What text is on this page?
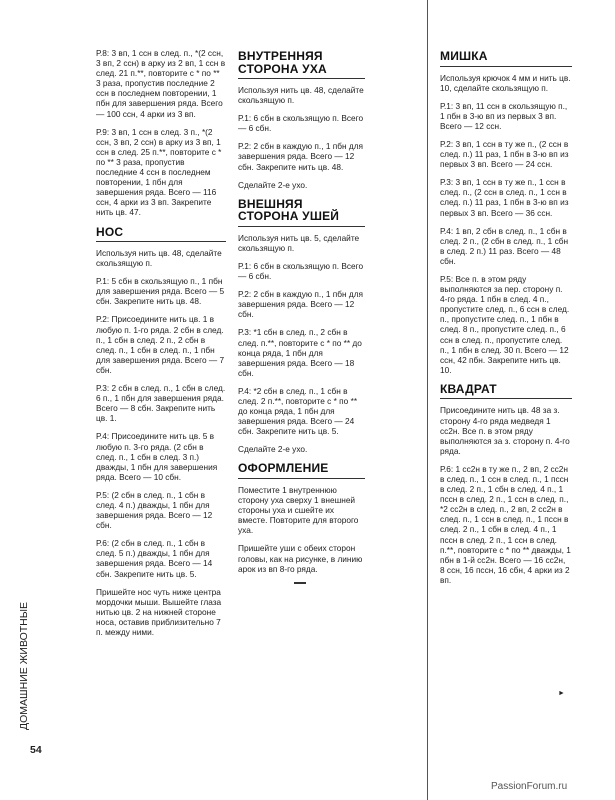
Р.8: 3 вп, 1 ссн в след. п., *(2 ссн, 3 вп, 2 ссн) в арку из 2 вп, 1 ссн в след. 21 п.**, повторите с * по ** 3 раза, пропустив последние 2 ссн в последнем повторении, 1 пбн для завершения ряда. Всего — 100 ссн, 4 арки из 3 вп.

Р.9: 3 вп, 1 ссн в след. 3 п., *(2 ссн, 3 вп, 2 ссн) в арку из 3 вп, 1 ссн в след. 25 п.**, повторите с * по ** 3 раза, пропустив последние 4 ссн в последнем повторении, 1 пбн для завершения ряда. Всего — 116 ссн, 4 арки из 3 вп. Закрепите нить цв. 47.

НОС

Используя нить цв. 48, сделайте скользящую п.

Р.1: 5 сбн в скользящую п., 1 пбн для завершения ряда. Всего — 5 сбн. Закрепите нить цв. 48.

Р.2: Присоедините нить цв. 1 в любую п. 1-го ряда. 2 сбн в след. п., 1 сбн в след. 2 п., 2 сбн в след. п., 1 сбн в след. п., 1 пбн для завершения ряда. Всего — 7 сбн.

Р.3: 2 сбн в след. п., 1 сбн в след. 6 п., 1 пбн для завершения ряда. Всего — 8 сбн. Закрепите нить цв. 1.

Р.4: Присоедините нить цв. 5 в любую п. 3-го ряда. (2 сбн в след. п., 1 сбн в след. 3 п.) дважды, 1 пбн для завершения ряда. Всего — 10 сбн.

Р.5: (2 сбн в след. п., 1 сбн в след. 4 п.) дважды, 1 пбн для завершения ряда. Всего — 12 сбн.

Р.6: (2 сбн в след. п., 1 сбн в след. 5 п.) дважды, 1 пбн для завершения ряда. Всего — 14 сбн. Закрепите нить цв. 5.

Пришейте нос чуть ниже центра мордочки мыши. Вышейте глаза нитью цв. 2 на нижней стороне носа, оставив приблизительно 7 п. между ними.

ВНУТРЕННЯЯ
СТОРОНА УХА

Используя нить цв. 48, сделайте скользящую п.

Р.1: 6 сбн в скользящую п. Всего — 6 сбн.

Р.2: 2 сбн в каждую п., 1 пбн для завершения ряда. Всего — 12 сбн. Закрепите нить цв. 48.

Сделайте 2-е ухо.

ВНЕШНЯЯ
СТОРОНА УШЕЙ

Используя нить цв. 5, сделайте скользящую п.

Р.1: 6 сбн в скользящую п. Всего — 6 сбн.

Р.2: 2 сбн в каждую п., 1 пбн для завершения ряда. Всего — 12 сбн.

Р.3: *1 сбн в след. п., 2 сбн в след. п.**, повторите с * по ** до конца ряда, 1 пбн для завершения ряда. Всего — 18 сбн.

Р.4: *2 сбн в след. п., 1 сбн в след. 2 п.**, повторите с * по ** до конца ряда, 1 пбн для завершения ряда. Всего — 24 сбн. Закрепите нить цв. 5.

Сделайте 2-е ухо.

ОФОРМЛЕНИЕ

Поместите 1 внутреннюю сторону уха сверху 1 внешней стороны уха и сшейте их вместе. Повторите для второго уха.

Пришейте уши с обеих сторон головы, как на рисунке, в линию арок из вп 8-го ряда.

МИШКА

Используя крючок 4 мм и нить цв. 10, сделайте скользящую п.

Р.1: 3 вп, 11 ссн в скользящую п., 1 пбн в 3-ю вп из первых 3 вп. Всего — 12 ссн.

Р.2: 3 вп, 1 ссн в ту же п., (2 ссн в след. п.) 11 раз, 1 пбн в 3-ю вп из первых 3 вп. Всего — 24 ссн.

Р.3: 3 вп, 1 ссн в ту же п., 1 ссн в след. п., (2 ссн в след. п., 1 ссн в след. п.) 11 раз, 1 пбн в 3-ю вп из первых 3 вп. Всего — 36 ссн.

Р.4: 1 вп, 2 сбн в след. п., 1 сбн в след. 2 п., (2 сбн в след. п., 1 сбн в след. 2 п.) 11 раз. Всего — 48 сбн.

Р.5: Все п. в этом ряду выполняются за пер. сторону п. 4-го ряда. 1 пбн в след. 4 п., пропустите след. п., 6 ссн в след. п., пропустите след. п., 1 пбн в след. 8 п., пропустите след. п., 6 ссн в след. п., пропустите след. п., 1 пбн в след. 30 п. Всего — 12 ссн, 42 пбн. Закрепите нить цв. 10.

КВАДРАТ

Присоедините нить цв. 48 за з. сторону 4-го ряда медведя 1 сс2н. Все п. в этом ряду выполняются за з. сторону п. 4-го ряда.

Р.6: 1 сс2н в ту же п., 2 вп, 2 сс2н в след. п., 1 ссн в след. п., 1 пссн в след. 2 п., 1 сбн в след. 4 п., 1 пссн в след. 2 п., 1 ссн в след. п., *2 сс2н в след. п., 2 вп, 2 сс2н в след. п., 1 ссн в след. п., 1 пссн в след. 2 п., 1 сбн в след. 4 п., 1 пссн в след. 2 п., 1 ссн в след. п.**, повторите с * по ** дважды, 1 пбн в 1-й сс2н. Всего — 16 сс2н, 8 ссн, 16 пссн, 16 сбн, 4 арки из 2 вп.

►
ДОМАШНИЕ ЖИВОТНЫЕ
54
PassionForum.ru
